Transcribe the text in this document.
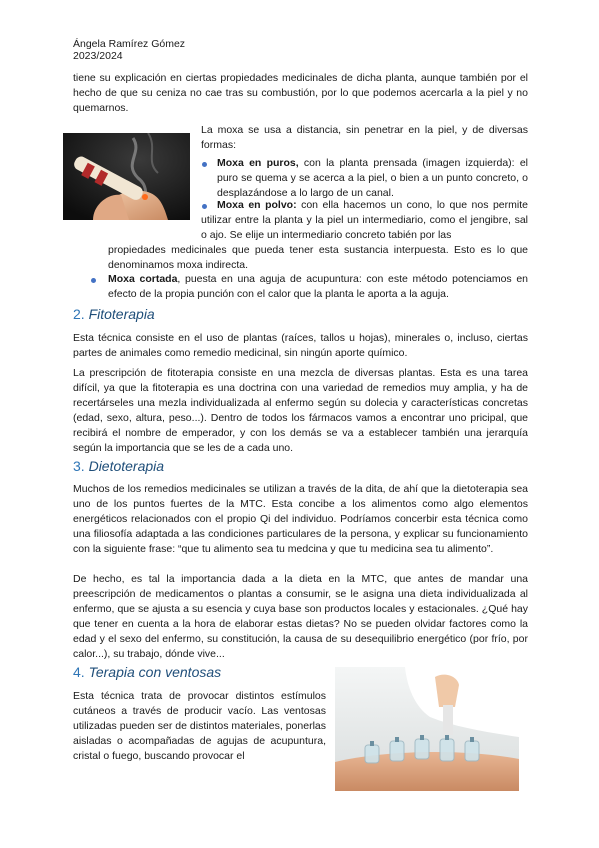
Ángela Ramírez Gómez
2023/2024
tiene su explicación en ciertas propiedades medicinales de dicha planta, aunque también por el hecho de que su ceniza no cae tras su combustión, por lo que podemos acercarla a la piel y no quemarnos.
La moxa se usa a distancia, sin penetrar en la piel, y de diversas formas:
Moxa en puros, con la planta prensada (imagen izquierda): el puro se quema y se acerca a la piel, o bien a un punto concreto, o desplazándose a lo largo de un canal.
Moxa en polvo: con ella hacemos un cono, lo que nos permite utilizar entre la planta y la piel un intermediario, como el jengibre, sal o ajo. Se elije un intermediario concreto tabién por las
propiedades medicinales que pueda tener esta sustancia interpuesta. Esto es lo que denominamos moxa indirecta.
Moxa cortada, puesta en una aguja de acupuntura: con este método potenciamos en efecto de la propia punción con el calor que la planta le aporta a la aguja.
2. Fitoterapia
Esta técnica consiste en el uso de plantas (raíces, tallos u hojas), minerales o, incluso, ciertas partes de animales como remedio medicinal, sin ningún aporte químico.
La prescripción de fitoterapia consiste en una mezcla de diversas plantas. Esta es una tarea difícil, ya que la fitoterapia es una doctrina con una variedad de remedios muy amplia, y ha de recertárseles una mezla individualizada al enfermo según su dolecia y características concretas (edad, sexo, altura, peso...). Dentro de todos los fármacos vamos a encontrar uno pricipal, que recibirá el nombre de emperador, y con los demás se va a establecer también una jerarquía según la importancia que se les de a cada uno.
3. Dietoterapia
Muchos de los remedios medicinales se utilizan a través de la dita, de ahí que la dietoterapia sea uno de los puntos fuertes de la MTC. Esta concibe a los alimentos como algo elementos energéticos relacionados con el propio Qi del individuo. Podríamos concerbir esta técnica como una filiosofía adaptada a las condiciones particulares de la persona, y explicar su funcionamiento con la siguiente frase: “que tu alimento sea tu medcina y que tu medicina sea tu alimento”.
De hecho, es tal la importancia dada a la dieta en la MTC, que antes de mandar una preescripción de medicamentos o plantas a consumir, se le asigna una dieta individualizada al enfermo, que se ajusta a su esencia y cuya base son productos locales y estacionales. ¿Qué hay que tener en cuenta a la hora de elaborar estas dietas? No se pueden olvidar factores como la edad y el sexo del enfermo, su constitución, la causa de su desequilibrio energético (por frío, por calor...), su trabajo, dónde vive...
4. Terapia con ventosas
Esta técnica trata de provocar distintos estímulos cutáneos a través de producir vacío. Las ventosas utilizadas pueden ser de distintos materiales, ponerlas aisladas o acompañadas de agujas de acupuntura, cristal o fuego, buscando provocar el
